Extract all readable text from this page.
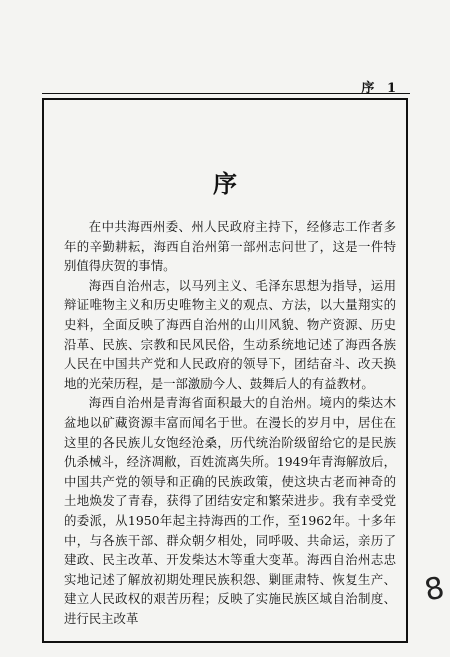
序 1
序

在中共海西州委、州人民政府主持下，经修志工作者多年的辛勤耕耘，海西自治州第一部州志问世了，这是一件特别值得庆贺的事情。

海西自治州志，以马列主义、毛泽东思想为指导，运用辩证唯物主义和历史唯物主义的观点、方法，以大量翔实的史料，全面反映了海西自治州的山川风貌、物产资源、历史沿革、民族、宗教和民风民俗，生动系统地记述了海西各族人民在中国共产党和人民政府的领导下，团结奋斗、改天换地的光荣历程，是一部激励今人、鼓舞后人的有益教材。

海西自治州是青海省面积最大的自治州。境内的柴达木盆地以矿藏资源丰富而闻名于世。在漫长的岁月中，居住在这里的各民族儿女饱经沧桑，历代统治阶级留给它的是民族仇杀械斗，经济凋敝，百姓流离失所。1949年青海解放后，中国共产党的领导和正确的民族政策，使这块古老而神奇的土地焕发了青春，获得了团结安定和繁荣进步。我有幸受党的委派，从1950年起主持海西的工作，至1962年。十多年中，与各族干部、群众朝夕相处，同呼吸、共命运，亲历了建政、民主改革、开发柴达木等重大变革。海西自治州志忠实地记述了解放初期处理民族积怨、剿匪肃特、恢复生产、建立人民政权的艰苦历程；反映了实施民族区域自治制度、进行民主改革

8
